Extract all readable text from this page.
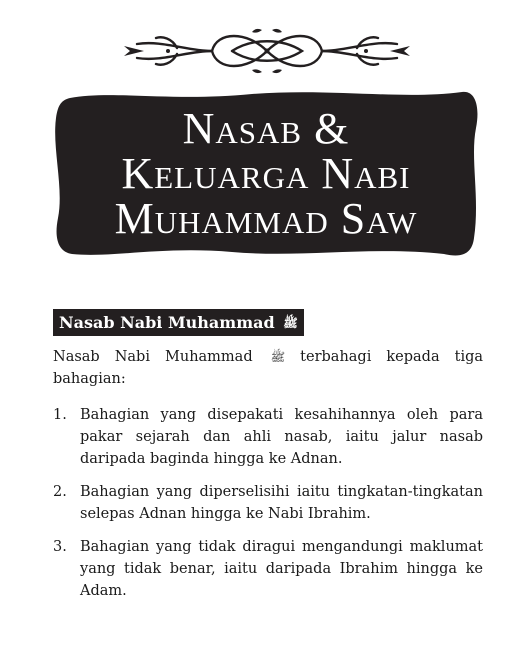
Nasab &
Keluarga Nabi
Muhammad Saw
Nasab Nabi Muhammad ﷺ

Nasab Nabi Muhammad ﷺ terbahagi kepada tiga bahagian:

1. Bahagian yang disepakati kesahihannya oleh para pakar sejarah dan ahli nasab, iaitu jalur nasab daripada baginda hingga ke Adnan.
2. Bahagian yang diperselisihi iaitu tingkatan-tingkatan selepas Adnan hingga ke Nabi Ibrahim.
3. Bahagian yang tidak diragui mengandungi maklumat yang tidak benar, iaitu daripada Ibrahim hingga ke Adam.
